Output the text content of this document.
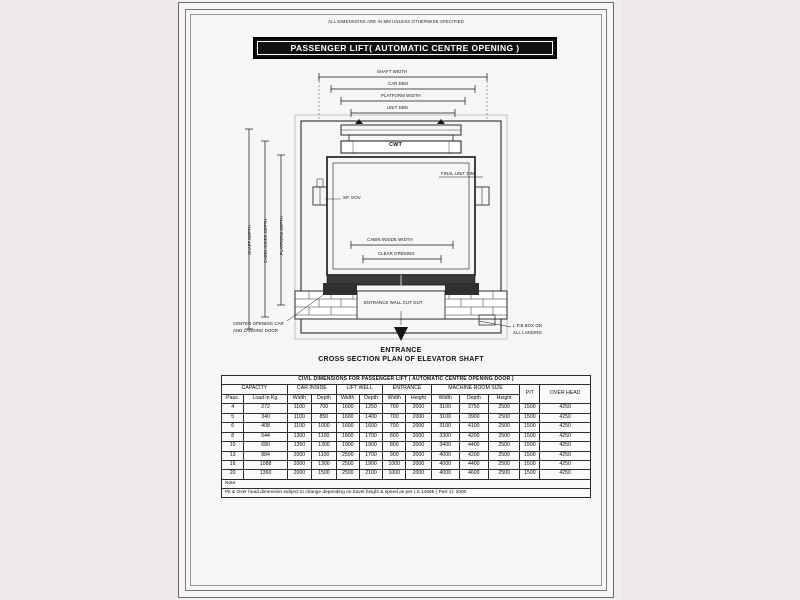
ALL DIMENSIONS ARE IN MM UNLESS OTHERWISE SPECIFIED
PASSENGER LIFT( AUTOMATIC CENTRE OPENING )
SHAFT WIDTH
CAR DBG
PLATFORM WIDTH
UNIT DBG
CWT
FINAL UNIT DIM
SP. GOV
SHAFT DEPTH	CABIN INSIDE DEPTH	PLATFORM DEPTH	CABIN INSIDE WIDTH
CLEAR OPENING
ENTRANCE WALL CUT OUT
CENTER OPENING CAR
AND LANDING DOOR
L.P.B.BOX ON
ALL LANDING
ENTRANCE
CROSS SECTION PLAN OF ELEVATOR SHAFT
CIVIL DIMENSIONS FOR PASSENGER LIFT ( AUTOMATIC CENTRE OPENING DOOR )												
CAPACITY		CAR INSIDE		LIFT WELL		ENTRANCE		MACHINE ROOM SIZE			PIT	OVER HEAD
Pass.	Load in Kg.	Width	Depth	Width	Depth	Width	Height	Width	Depth	Height		
4	272	1100	700	1600	1250	700	2000	3100	3750	2500	1500	4250
5	340	1100	850	1600	1400	700	2000	3100	3900	2500	1500	4250
6	408	1100	1000	1600	1600	700	2000	3100	4100	2500	1500	4250
8	544	1300	1100	1800	1700	800	2000	3300	4200	2500	1500	4250
10	680	1350	1300	1900	1900	800	2000	3400	4400	2500	1500	4250
13	884	2000	1100	2500	1700	900	2000	4000	4200	2500	1500	4250
16	1088	2000	1300	2500	1900	1000	2000	4000	4400	2500	1500	4250
20	1360	2000	1500	2500	2100	1000	2000	4000	4600	2500	1500	4250
Note:												
Pit & Over head dimension subject to change depending on travel height & speed as per I.S 14665 ( Part 1): 2000												
